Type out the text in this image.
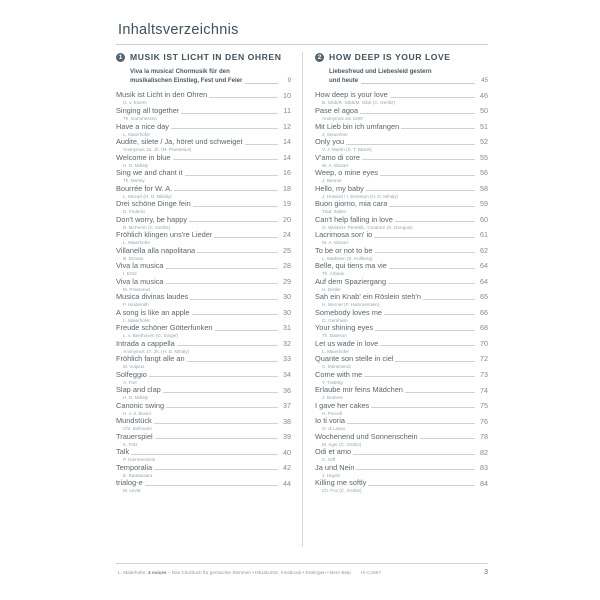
Inhaltsverzeichnis
1 MUSIK IST LICHT IN DEN OHREN
Viva la musica! Chormusik für den
musikalischen Einstieg, Fest und Feier	9
Musik ist Licht in den Ohren	10
G. v. Einem
Singing all together	11
Th. Gummesson
Have a nice day	12
L. Maierhofer
Audite, silete / Ja, höret und schweiget	14
Anonymus 16. Jh. (M. Praetorius)
Welcome in blue	14
H. D. Mihály
Sing we and chant it	16
Th. Morley
Bourrée for W. A.	18
L. Mozart (H. D. Mihály)
Drei schöne Dinge fein	19
D. Friderici
Don't worry, be happy	20
B. McFerrin (C. Gerlitz)
Fröhlich klingen uns're Lieder	24
L. Maierhofer
Villanella alla napolitana	25
B. Donato
Viva la musica	28
I. Eröd
Viva la musica	29
M. Praetorius
Musica divinas laudes	30
P. Hindemith
A song is like an apple	30
L. Maierhofer
Freude schöner Götterfunken	31
L. v. Beethoven (G. Singer)
Intrada a cappella	32
Anonymus 17. Jh. (H. D. Mihály)
Fröhlich fangt alle an	33
M. Vulpius
Solfeggio	34
A. Fürl
Slap and clap	36
H. D. Mihály
Canonic swing	37
H. v. d. Brand
Mundstück	38
Chr. Bollmann
Trauerspiel	39
K. Fütz
Talk	40
P. Hammerstein
Temporalia	42
E. Rautavaara
trialog-e	44
M. Levitt
2 HOW DEEP IS YOUR LOVE
Liebesfreud und Liebesleid gestern
und heute	45
How deep is your love	46
B. Gibb/R. Gibb/M. Gibb (C. Gerlitz)
Pase el agoa	50
Anonymus um 1500
Mit Lieb bin ich umfangen	51
J. Steuerlein
Only you	52
V. J. Martin (S. T. Barret)
V'amo di core	55
W. A. Mozart
Weep, o mine eyes	56
J. Bennet
Hello, my baby	58
J. Howard / I. Emerson (H. D. Mihály)
Buon giorno, mia cara	59
Trad. Italien
Can't help falling in love	60
G. Weiss/H. Peretti/L. Creatore (G. Dengusi)
Lacrimosa son' io	61
W. A. Mozart
To be or not to be	62
L. Mathisen (E. Kullberg)
Belle, qui tiens ma vie	64
Th. Arbeau
Auf dem Spaziergang	64
H. Distler
Sah ein Knab' ein Röslein steh'n	65
H. Werner (P. Hammerstein)
Somebody loves me	66
G. Gershwin
Your shining eyes	68
Th. Bateson
Let us wade in love	70
L. Maierhofer
Quante son stelle in ciel	72
C. Monteverdi
Come with me	73
Y. Trabsky
Erlaube mir feins Mädchen	74
J. Brahms
I gave her cakes	75
H. Purcell
Io ti voria	76
O. di Lasso
Wochenend und Sonnenschein	78
M. Ager (C. Gerlitz)
Odi et amo	82
C. Orff
Ja und Nein	83
J. Haydn
Killing me softly	84
Ch. Fox (C. Gerlitz)
L. Maierhofer, 4 voices – Das Chorbuch für gemischte Stimmen • HELBLING, Innsbruck • Esslingen • Bern-Belp HI-C4967	3
